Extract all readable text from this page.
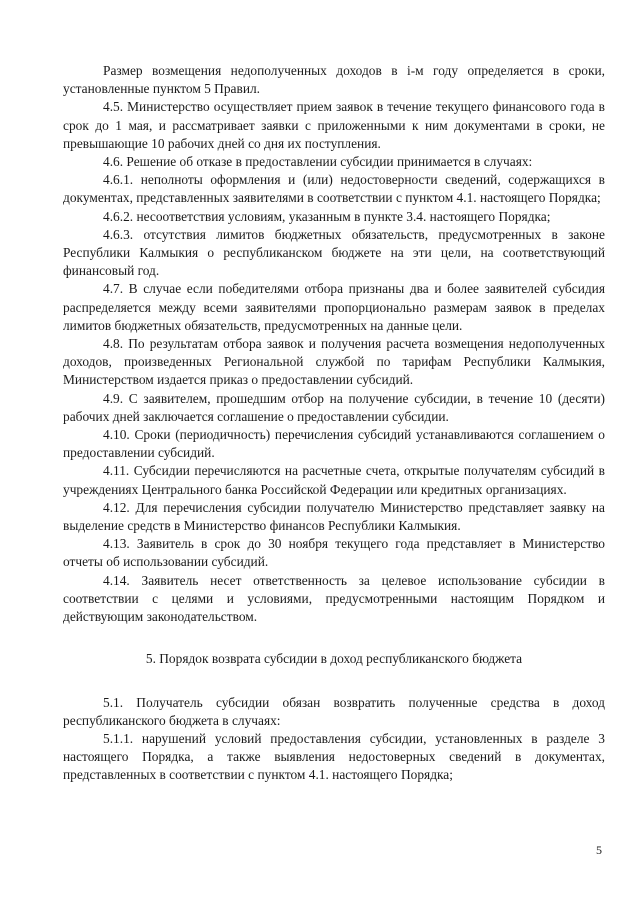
Размер возмещения недополученных доходов в i-м году определяется в сроки, установленные пунктом 5 Правил.

4.5. Министерство осуществляет прием заявок в течение текущего финансового года в срок до 1 мая, и рассматривает заявки с приложенными к ним документами в сроки, не превышающие 10 рабочих дней со дня их поступления.

4.6. Решение об отказе в предоставлении субсидии принимается в случаях:

4.6.1. неполноты оформления и (или) недостоверности сведений, содержащихся в документах, представленных заявителями в соответствии с пунктом 4.1. настоящего Порядка;

4.6.2. несоответствия условиям, указанным в пункте 3.4. настоящего Порядка;

4.6.3. отсутствия лимитов бюджетных обязательств, предусмотренных в законе Республики Калмыкия о республиканском бюджете на эти цели, на соответствующий финансовый год.

4.7. В случае если победителями отбора признаны два и более заявителей субсидия распределяется между всеми заявителями пропорционально размерам заявок в пределах лимитов бюджетных обязательств, предусмотренных на данные цели.

4.8. По результатам отбора заявок и получения расчета возмещения недополученных доходов, произведенных Региональной службой по тарифам Республики Калмыкия, Министерством издается приказ о предоставлении субсидий.

4.9. С заявителем, прошедшим отбор на получение субсидии, в течение 10 (десяти) рабочих дней заключается соглашение о предоставлении субсидии.

4.10. Сроки (периодичность) перечисления субсидий устанавливаются соглашением о предоставлении субсидий.

4.11. Субсидии перечисляются на расчетные счета, открытые получателям субсидий в учреждениях Центрального банка Российской Федерации или кредитных организациях.

4.12. Для перечисления субсидии получателю Министерство представляет заявку на выделение средств в Министерство финансов Республики Калмыкия.

4.13. Заявитель в срок до 30 ноября текущего года представляет в Министерство отчеты об использовании субсидий.

4.14. Заявитель несет ответственность за целевое использование субсидии в соответствии с целями и условиями, предусмотренными настоящим Порядком и действующим законодательством.

5. Порядок возврата субсидии в доход республиканского бюджета

5.1. Получатель субсидии обязан возвратить полученные средства в доход республиканского бюджета в случаях:

5.1.1. нарушений условий предоставления субсидии, установленных в разделе 3 настоящего Порядка, а также выявления недостоверных сведений в документах, представленных в соответствии с пунктом 4.1. настоящего Порядка;

5
